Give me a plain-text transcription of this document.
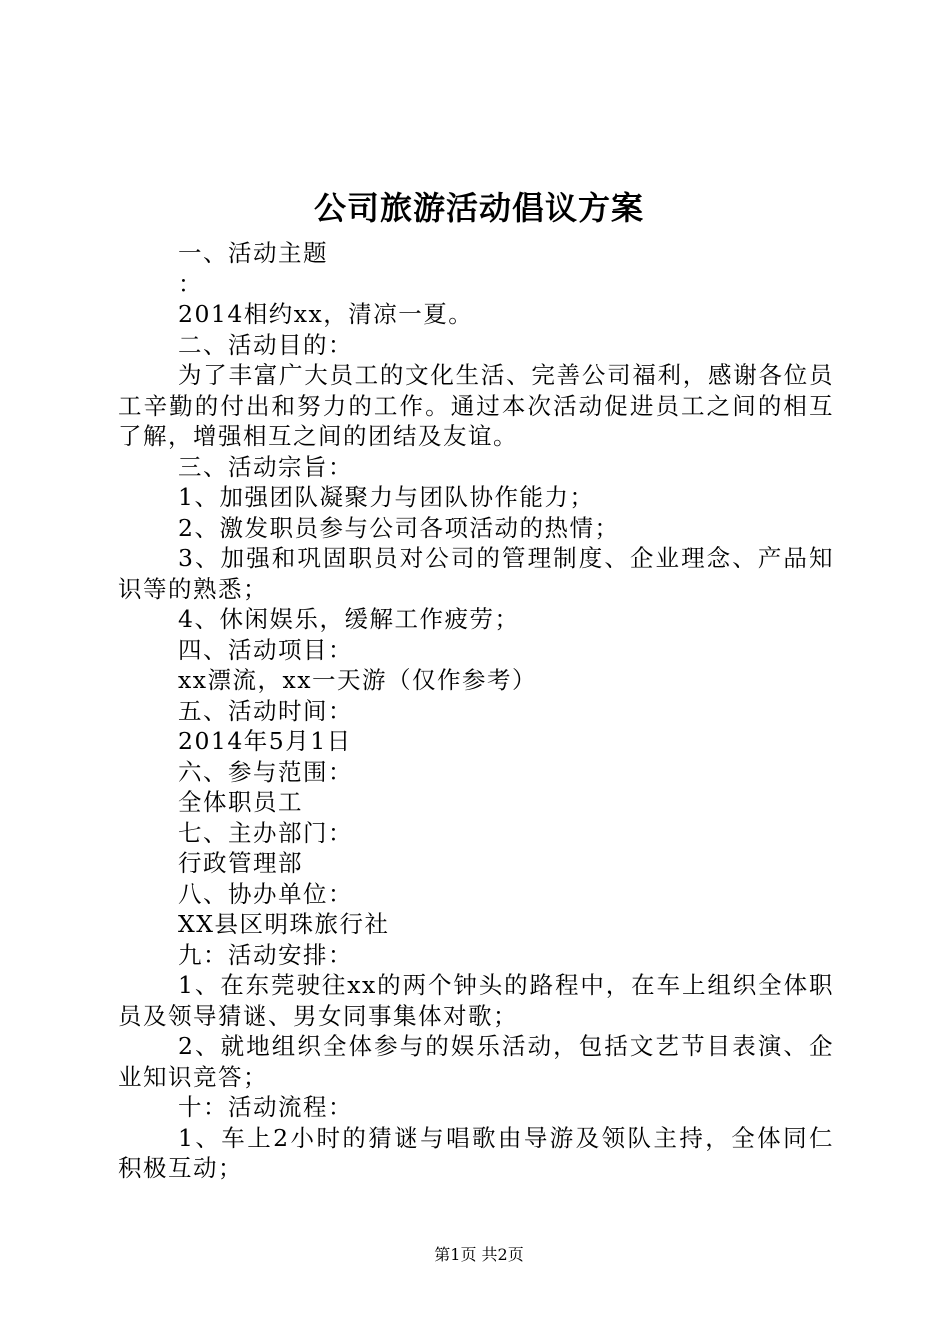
公司旅游活动倡议方案

一、活动主题

：

2014相约xx，清凉一夏。

二、活动目的：

为了丰富广大员工的文化生活、完善公司福利，感谢各位员工辛勤的付出和努力的工作。通过本次活动促进员工之间的相互了解，增强相互之间的团结及友谊。

三、活动宗旨：

1、加强团队凝聚力与团队协作能力；

2、激发职员参与公司各项活动的热情；

3、加强和巩固职员对公司的管理制度、企业理念、产品知识等的熟悉；

4、休闲娱乐，缓解工作疲劳；

四、活动项目：

xx漂流，xx一天游（仅作参考）

五、活动时间：

2014年5月1日

六、参与范围：

全体职员工

七、主办部门：

行政管理部

八、协办单位：

XX县区明珠旅行社

九：活动安排：

1、在东莞驶往xx的两个钟头的路程中，在车上组织全体职员及领导猜谜、男女同事集体对歌；

2、就地组织全体参与的娱乐活动，包括文艺节目表演、企业知识竞答；

十：活动流程：

1、车上2小时的猜谜与唱歌由导游及领队主持，全体同仁积极互动；

第1页 共2页
